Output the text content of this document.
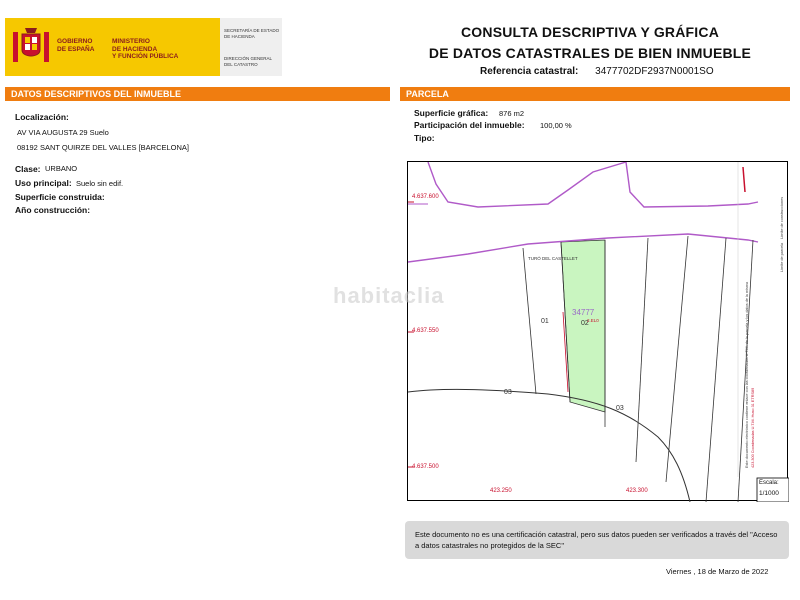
GOBIERNO
DE ESPAÑA
MINISTERIO
DE HACIENDA
Y FUNCIÓN PÚBLICA
SECRETARÍA DE ESTADO
DE HACIENDA
DIRECCIÓN GENERAL
DEL CATASTRO
CONSULTA DESCRIPTIVA Y GRÁFICA
DE DATOS CATASTRALES DE BIEN INMUEBLE
Referencia catastral: 3477702DF2937N0001SO
DATOS DESCRIPTIVOS DEL INMUEBLE	PARCELA
Localización:
AV VIA AUGUSTA 29 Suelo
08192 SANT QUIRZE DEL VALLES [BARCELONA]
Clase: URBANO
Uso principal: Suelo sin edif.
Superficie construida:
Año construcción:
Superficie gráfica: 876 m2
Participación del inmueble: 100,00 %
Tipo:
4.637.600
4.637.550
4.637.500
423.250	423.300
TURÓ DEL CASTELLET
34777
02
2.EL0
01
03
03	Este documento electrónico contiene enlace con las coordenadas U.T.M. de la parcela y los datos de la misma 423.300 Coordenadas U.T.M. Huso 31 ETRS89
Límite de parcela
Límite de construcciones
Escala:
1/1000
habitaclia
Este documento no es una certificación catastral, pero sus datos pueden ser verificados a través del "Acceso a datos catastrales no protegidos de la SEC"
Viernes , 18 de Marzo de 2022
